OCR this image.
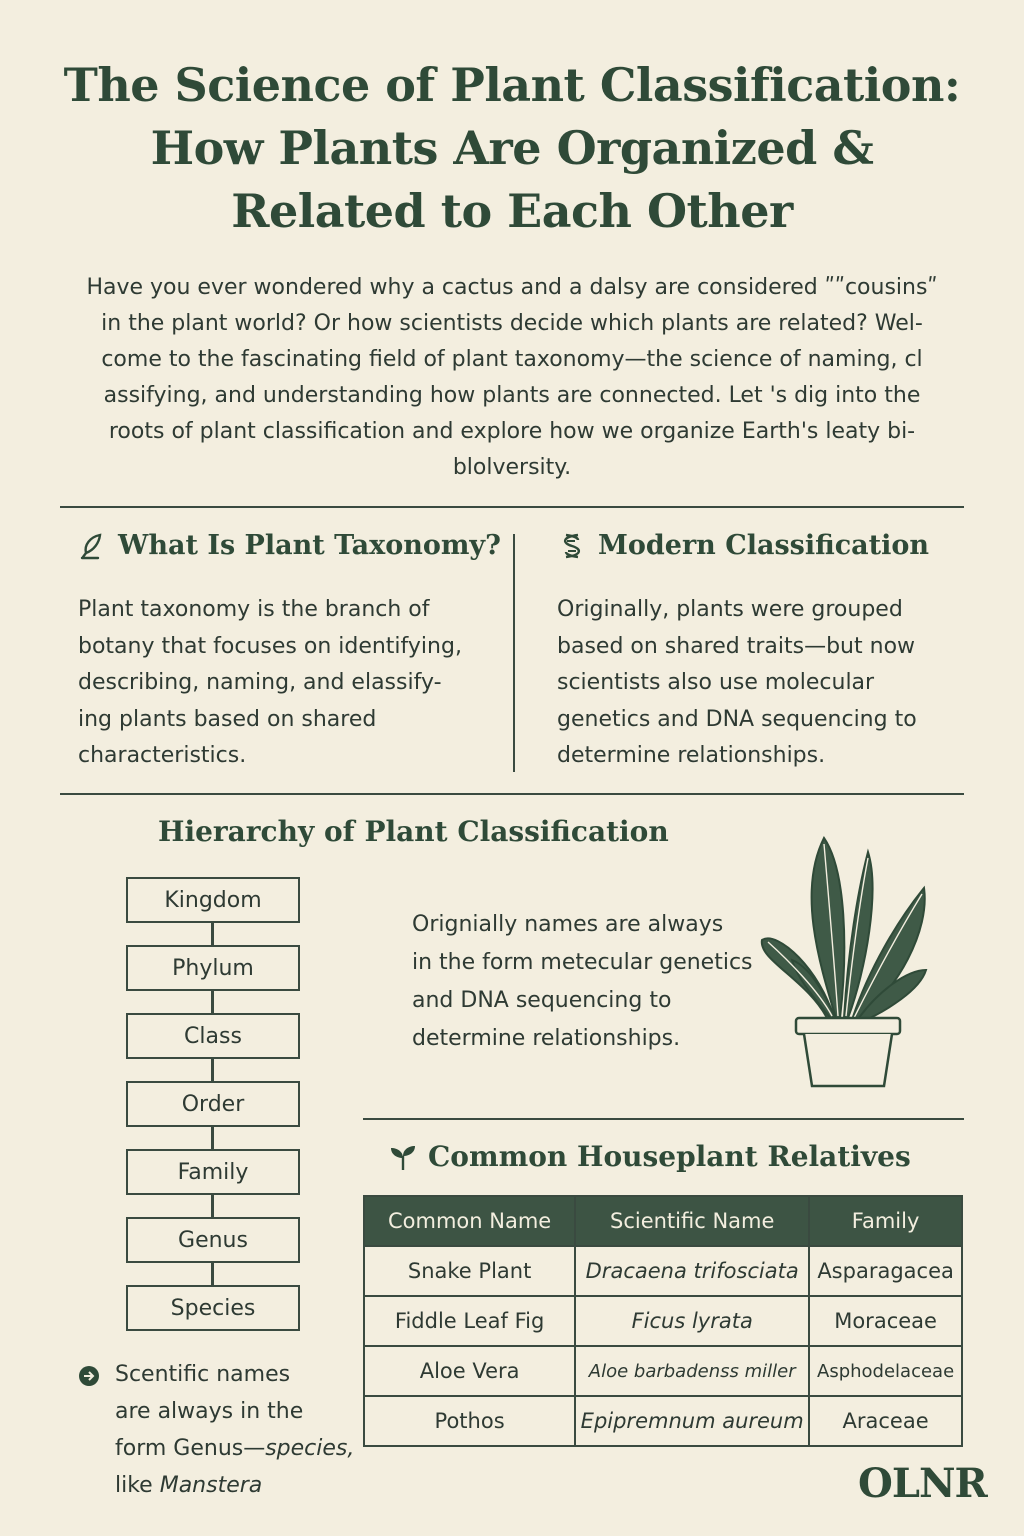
The Science of Plant Classification:
How Plants Are Organized &
Related to Each Other

Have you ever wondered why a cactus and a dalsy are considered ʺʺcousinsʺ
in the plant world? Or how scientists decide which plants are related? Wel-
come to the fascinating field of plant taxonomy—the science of naming, cl
assifying, and understanding how plants are connected. Let 's dig into the
roots of plant classification and explore how we organize Earth's leaty bi-
blolversity.

What Is Plant Taxonomy?
Plant taxonomy is the branch of
botany that focuses on identifying,
describing, naming, and elassify-
ing plants based on shared
characteristics.
Modern Classification
Originally, plants were grouped
based on shared traits—but now
scientists also use molecular
genetics and DNA sequencing to
determine relationships.
Hierarchy of Plant Classification
Kingdom
Phylum
Class
Order
Family
Genus
Species
Orignially names are always
in the form metecular genetics
and DNA sequencing to
determine relationships.
Common Houseplant Relatives
Common Name	Scientific Name	Family
Snake Plant	Dracaena trifosciata	Asparagacea
Fiddle Leaf Fig	Ficus lyrata	Moraceae
Aloe Vera	Aloe barbadenss miller	Asphodelaceae
Pothos	Epipremnum aureum	Araceae
Scentific names
are always in the
form Genus—species,
like Manstera	OLNR
